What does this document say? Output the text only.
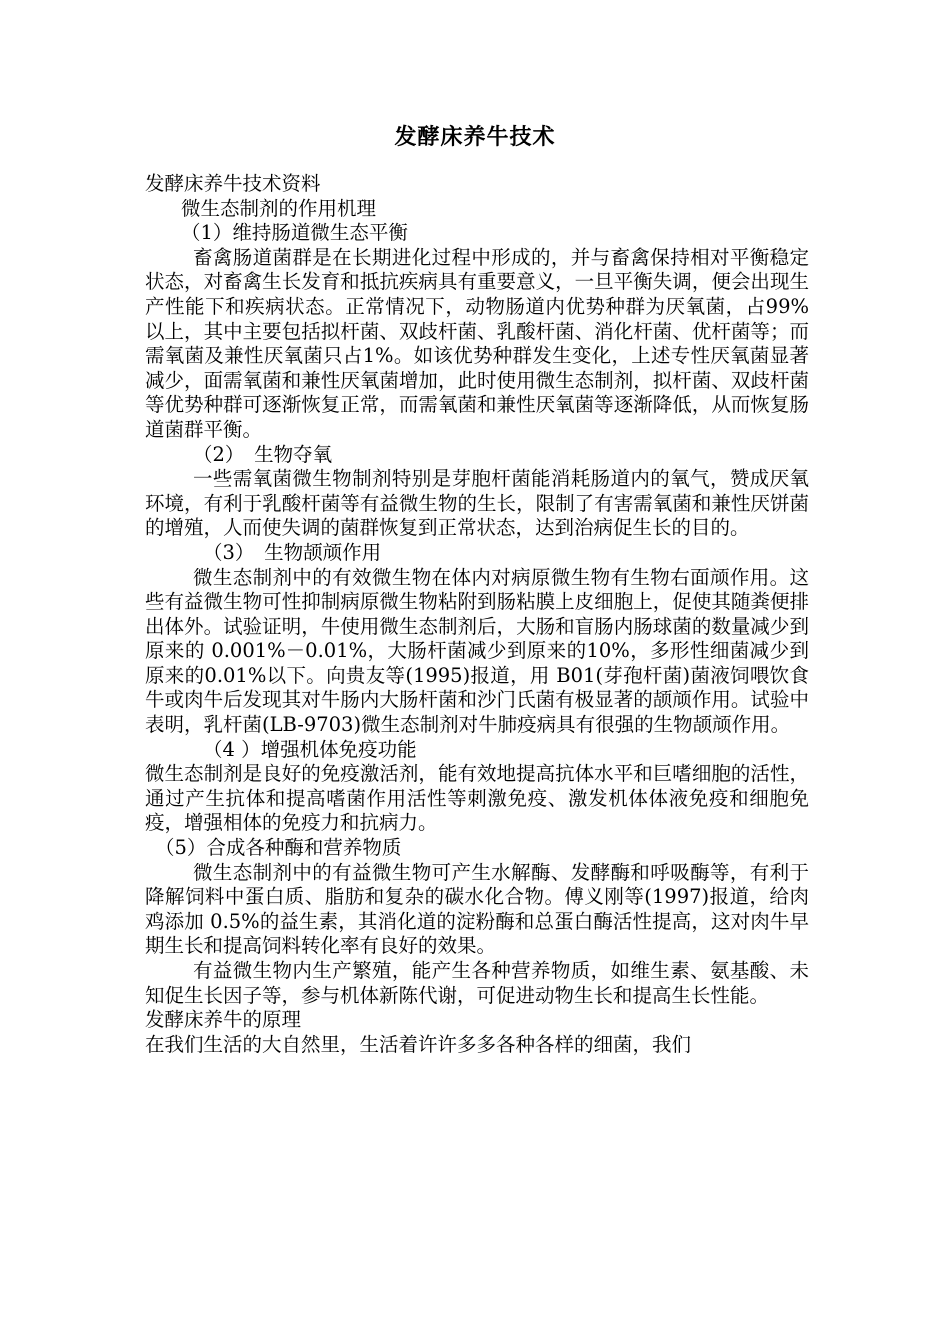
发酵床养牛技术

发酵床养牛技术资料

微生态制剂的作用机理

（1）维持肠道微生态平衡

畜禽肠道菌群是在长期进化过程中形成的，并与畜禽保持相对平衡稳定状态，对畜禽生长发育和抵抗疾病具有重要意义，一旦平衡失调，便会出现生产性能下和疾病状态。正常情况下，动物肠道内优势种群为厌氧菌，占99%以上，其中主要包括拟杆菌、双歧杆菌、乳酸杆菌、消化杆菌、优杆菌等；而需氧菌及兼性厌氧菌只占1%。如该优势种群发生变化，上述专性厌氧菌显著减少，面需氧菌和兼性厌氧菌增加，此时使用微生态制剂，拟杆菌、双歧杆菌等优势种群可逐渐恢复正常，而需氧菌和兼性厌氧菌等逐渐降低，从而恢复肠道菌群平衡。

（2）　生物夺氧

一些需氧菌微生物制剂特别是芽胞杆菌能消耗肠道内的氧气，赞成厌氧环境，有利于乳酸杆菌等有益微生物的生长，限制了有害需氧菌和兼性厌饼菌的增殖，人而使失调的菌群恢复到正常状态，达到治病促生长的目的。

（3）　生物颉颃作用

微生态制剂中的有效微生物在体内对病原微生物有生物右面颃作用。这些有益微生物可性抑制病原微生物粘附到肠粘膜上皮细胞上，促使其随粪便排出体外。试验证明，牛使用微生态制剂后，大肠和盲肠内肠球菌的数量减少到原来的 0.001%－0.01%，大肠杆菌减少到原来的10%，多形性细菌减少到原来的0.01%以下。向贵友等(1995)报道，用 B01(芽孢杆菌)菌液饲喂饮食牛或肉牛后发现其对牛肠内大肠杆菌和沙门氏菌有极显著的颉颃作用。试验中表明，乳杆菌(LB-9703)微生态制剂对牛肺疫病具有很强的生物颉颃作用。

（4 ）增强机体免疫功能

微生态制剂是良好的免疫激活剂，能有效地提高抗体水平和巨嗜细胞的活性，通过产生抗体和提高嗜菌作用活性等刺激免疫、激发机体体液免疫和细胞免疫，增强相体的免疫力和抗病力。

（5）合成各种酶和营养物质

微生态制剂中的有益微生物可产生水解酶、发酵酶和呼吸酶等，有利于降解饲料中蛋白质、脂肪和复杂的碳水化合物。傅义刚等(1997)报道，给肉鸡添加 0.5%的益生素，其消化道的淀粉酶和总蛋白酶活性提高，这对肉牛早期生长和提高饲料转化率有良好的效果。

有益微生物内生产繁殖，能产生各种营养物质，如维生素、氨基酸、未知促生长因子等，参与机体新陈代谢，可促进动物生长和提高生长性能。

发酵床养牛的原理

在我们生活的大自然里，生活着许许多多各种各样的细菌，我们
